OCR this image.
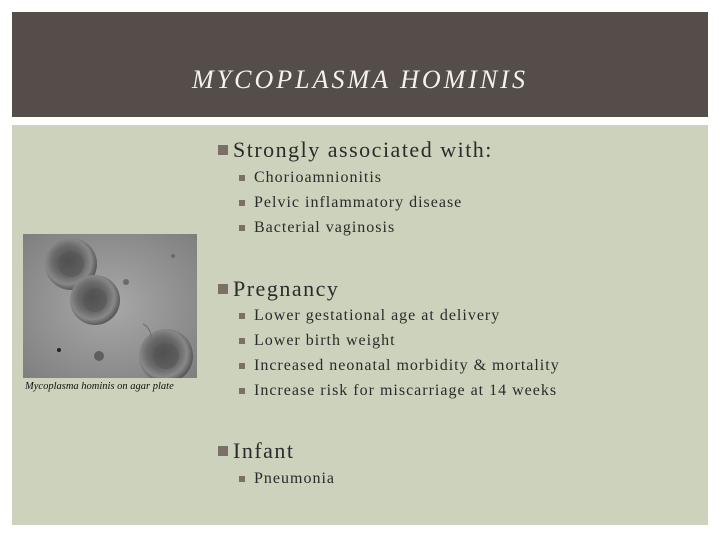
MYCOPLASMA HOMINIS
Mycoplasma hominis on agar plate
Strongly associated with:
Chorioamnionitis
Pelvic inflammatory disease
Bacterial vaginosis
Pregnancy
Lower gestational age at delivery
Lower birth weight
Increased neonatal morbidity & mortality
Increase risk for miscarriage at 14 weeks
Infant
Pneumonia
